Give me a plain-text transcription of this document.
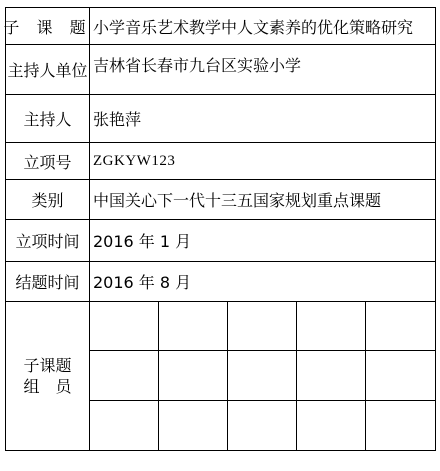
子 课 题 小学音乐艺术教学中人文素养的优化策略研究
主持人单位 吉林省长春市九台区实验小学
主持人	张艳萍
立项号	ZGKYW123
类别	中国关心下一代十三五国家规划重点课题
立项时间 2016 年 1 月
结题时间 2016 年 8 月
子课题
组　员
